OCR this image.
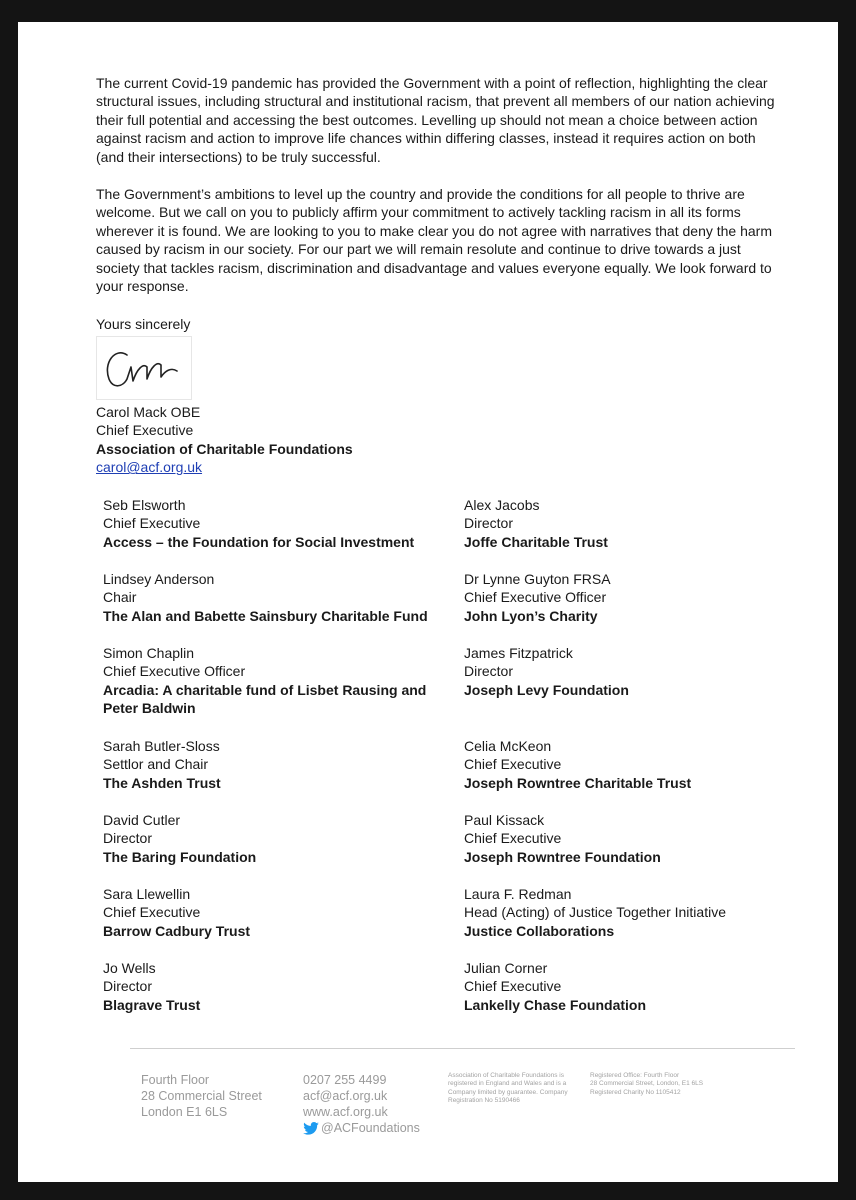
The current Covid-19 pandemic has provided the Government with a point of reflection, highlighting the clear structural issues, including structural and institutional racism, that prevent all members of our nation achieving their full potential and accessing the best outcomes. Levelling up should not mean a choice between action against racism and action to improve life chances within differing classes, instead it requires action on both (and their intersections) to be truly successful.

The Government’s ambitions to level up the country and provide the conditions for all people to thrive are welcome. But we call on you to publicly affirm your commitment to actively tackling racism in all its forms wherever it is found. We are looking to you to make clear you do not agree with narratives that deny the harm caused by racism in our society. For our part we will remain resolute and continue to drive towards a just society that tackles racism, discrimination and disadvantage and values everyone equally. We look forward to your response.

Yours sincerely
Carol Mack OBE
Chief Executive
Association of Charitable Foundations
carol@acf.org.uk
Seb Elsworth
Chief Executive
Access – the Foundation for Social Investment
Lindsey Anderson
Chair
The Alan and Babette Sainsbury Charitable Fund
Simon Chaplin
Chief Executive Officer
Arcadia: A charitable fund of Lisbet Rausing and Peter Baldwin
Sarah Butler-Sloss
Settlor and Chair
The Ashden Trust
David Cutler
Director
The Baring Foundation
Sara Llewellin
Chief Executive
Barrow Cadbury Trust
Jo Wells
Director
Blagrave Trust
Alex Jacobs
Director
Joffe Charitable Trust
Dr Lynne Guyton FRSA
Chief Executive Officer
John Lyon’s Charity
James Fitzpatrick
Director
Joseph Levy Foundation
Celia McKeon
Chief Executive
Joseph Rowntree Charitable Trust
Paul Kissack
Chief Executive
Joseph Rowntree Foundation
Laura F. Redman
Head (Acting) of Justice Together Initiative
Justice Collaborations
Julian Corner
Chief Executive
Lankelly Chase Foundation
Fourth Floor
28 Commercial Street
London E1 6LS
0207 255 4499
acf@acf.org.uk
www.acf.org.uk
@ACFoundations
Association of Charitable Foundations is registered in England and Wales and is a Company limited by guarantee. Company Registration No 5190466
Registered Office: Fourth Floor
28 Commercial Street, London, E1 6LS
Registered Charity No 1105412
